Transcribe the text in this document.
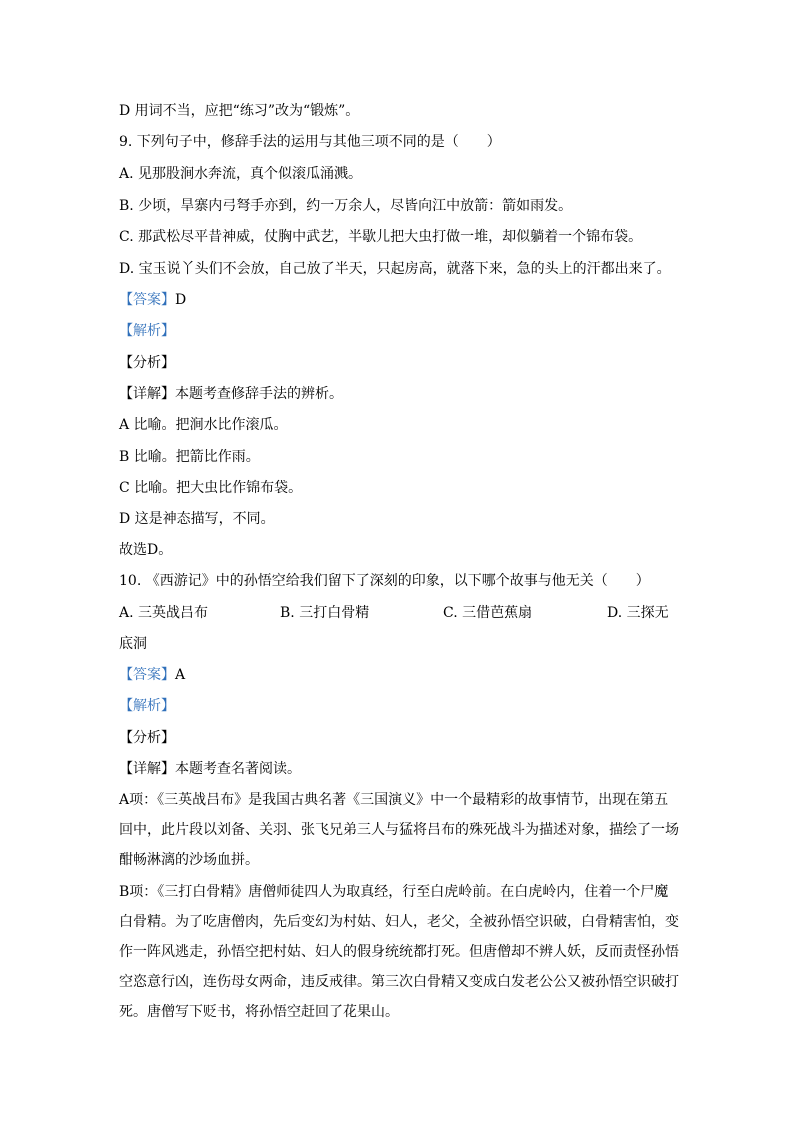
D 用词不当，应把“练习”改为“锻炼”。
9. 下列句子中，修辞手法的运用与其他三项不同的是（　　）
A. 见那股涧水奔流，真个似滚瓜涌溅。
B. 少顷，旱寨内弓弩手亦到，约一万余人，尽皆向江中放箭：箭如雨发。
C. 那武松尽平昔神威，仗胸中武艺，半歇儿把大虫打做一堆，却似躺着一个锦布袋。
D. 宝玉说丫头们不会放，自己放了半天，只起房高，就落下来，急的头上的汗都出来了。
【答案】D
【解析】
【分析】
【详解】本题考查修辞手法的辨析。
A 比喻。把涧水比作滚瓜。
B 比喻。把箭比作雨。
C 比喻。把大虫比作锦布袋。
D 这是神态描写，不同。
故选D。
10. 《西游记》中的孙悟空给我们留下了深刻的印象，以下哪个故事与他无关（　　）
A. 三英战吕布	B. 三打白骨精	C. 三借芭蕉扇	D. 三探无
底洞
【答案】A
【解析】
【分析】
【详解】本题考查名著阅读。
A项：《三英战吕布》是我国古典名著《三国演义》中一个最精彩的故事情节，出现在第五回中，此片段以刘备、关羽、张飞兄弟三人与猛将吕布的殊死战斗为描述对象，描绘了一场酣畅淋漓的沙场血拼。
B项：《三打白骨精》唐僧师徒四人为取真经，行至白虎岭前。在白虎岭内，住着一个尸魔白骨精。为了吃唐僧肉，先后变幻为村姑、妇人，老父，全被孙悟空识破，白骨精害怕，变作一阵风逃走，孙悟空把村姑、妇人的假身统统都打死。但唐僧却不辨人妖，反而责怪孙悟空恣意行凶，连伤母女两命，违反戒律。第三次白骨精又变成白发老公公又被孙悟空识破打死。唐僧写下贬书，将孙悟空赶回了花果山。
